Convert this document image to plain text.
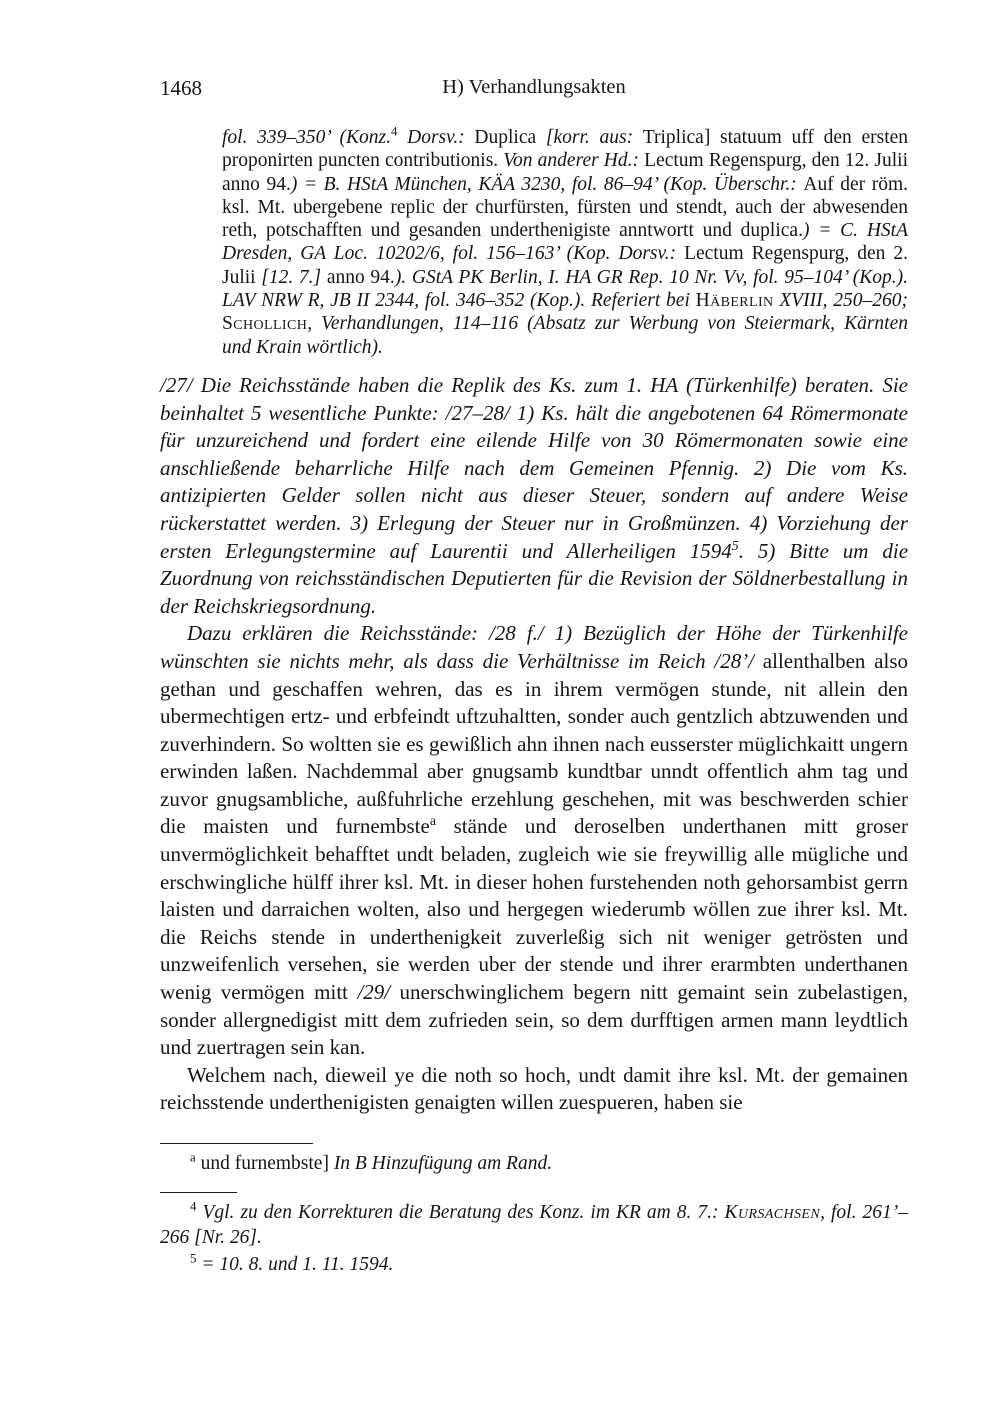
1468	H) Verhandlungsakten

fol. 339–350’ (Konz.$^4$ Dorsv.: Duplica [korr. aus: Triplica] statuum uff den ersten proponirten puncten contributionis. Von anderer Hd.: Lectum Regenspurg, den 12. Julii anno 94.) = B. HStA München, KÄA 3230, fol. 86–94’ (Kop. Überschr.: Auf der röm. ksl. Mt. ubergebene replic der churfürsten, fürsten und stendt, auch der abwesenden reth, potschafften und gesanden underthenigiste anntwortt und duplica.) = C. HStA Dresden, GA Loc. 10202/6, fol. 156–163’ (Kop. Dorsv.: Lectum Regenspurg, den 2. Julii [12. 7.] anno 94.). GStA PK Berlin, I. HA GR Rep. 10 Nr. Vv, fol. 95–104’ (Kop.). LAV NRW R, JB II 2344, fol. 346–352 (Kop.). Referiert bei Häberlin XVIII, 250–260; Schollich, Verhandlungen, 114–116 (Absatz zur Werbung von Steiermark, Kärnten und Krain wörtlich).

/27/ Die Reichsstände haben die Replik des Ks. zum 1. HA (Türkenhilfe) beraten. Sie beinhaltet 5 wesentliche Punkte: /27–28/ 1) Ks. hält die angebotenen 64 Römermonate für unzureichend und fordert eine eilende Hilfe von 30 Römermonaten sowie eine anschließende beharrliche Hilfe nach dem Gemeinen Pfennig. 2) Die vom Ks. antizipierten Gelder sollen nicht aus dieser Steuer, sondern auf andere Weise rückerstattet werden. 3) Erlegung der Steuer nur in Großmünzen. 4) Vorziehung der ersten Erlegungstermine auf Laurentii und Allerheiligen 1594$^5$. 5) Bitte um die Zuordnung von reichsständischen Deputierten für die Revision der Söldnerbestallung in der Reichskriegsordnung.

Dazu erklären die Reichsstände: /28 f./ 1) Bezüglich der Höhe der Türkenhilfe wünschten sie nichts mehr, als dass die Verhältnisse im Reich /28’/ allenthalben also gethan und geschaffen wehren, das es in ihrem vermögen stunde, nit allein den ubermechtigen ertz- und erbfeindt uftzuhaltten, sonder auch gentzlich abtzuwenden und zuverhindern. So woltten sie es gewißlich ahn ihnen nach eusserster müglichkaitt ungern erwinden laßen. Nachdemmal aber gnugsamb kundtbar unndt offentlich ahm tag und zuvor gnugsambliche, außfuhrliche erzehlung geschehen, mit was beschwerden schier die maisten und furnembste$^a$ stände und deroselben underthanen mitt groser unvermöglichkeit behafftet undt beladen, zugleich wie sie freywillig alle mügliche und erschwingliche hülff ihrer ksl. Mt. in dieser hohen furstehenden noth gehorsambist gerrn laisten und darraichen wolten, also und hergegen wiederumb wöllen zue ihrer ksl. Mt. die Reichs stende in underthenigkeit zuverleßig sich nit weniger getrösten und unzweifenlich versehen, sie werden uber der stende und ihrer erarmbten underthanen wenig vermögen mitt /29/ unerschwinglichem begern nitt gemaint sein zubelastigen, sonder allergnedigist mitt dem zufrieden sein, so dem durfftigen armen mann leydtlich und zuertragen sein kan.

Welchem nach, dieweil ye die noth so hoch, undt damit ihre ksl. Mt. der gemainen reichsstende underthenigisten genaigten willen zuespueren, haben sie

$^a$ und furnembste] In B Hinzufügung am Rand.

$^4$ Vgl. zu den Korrekturen die Beratung des Konz. im KR am 8. 7.: Kursachsen, fol. 261’–266 [Nr. 26].

$^5$ = 10. 8. und 1. 11. 1594.
